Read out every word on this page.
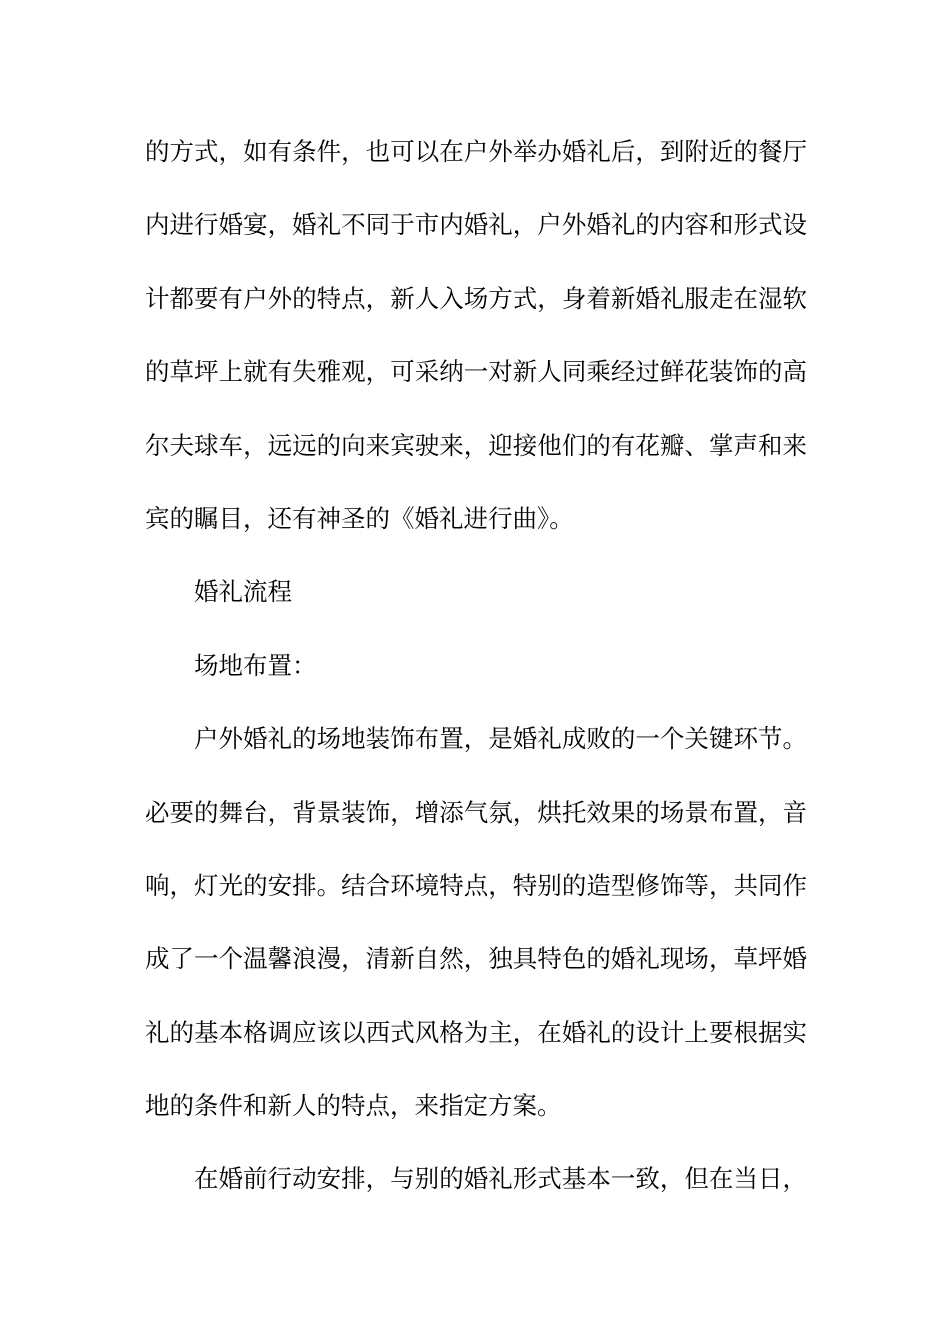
的方式，如有条件，也可以在户外举办婚礼后，到附近的餐厅
内进行婚宴，婚礼不同于市内婚礼，户外婚礼的内容和形式设
计都要有户外的特点，新人入场方式，身着新婚礼服走在湿软
的草坪上就有失雅观，可采纳一对新人同乘经过鲜花装饰的高
尔夫球车，远远的向来宾驶来，迎接他们的有花瓣、掌声和来
宾的瞩目，还有神圣的《婚礼进行曲》。
婚礼流程
场地布置：
户外婚礼的场地装饰布置，是婚礼成败的一个关键环节。
必要的舞台，背景装饰，增添气氛，烘托效果的场景布置，音
响，灯光的安排。结合环境特点，特别的造型修饰等，共同作
成了一个温馨浪漫，清新自然，独具特色的婚礼现场，草坪婚
礼的基本格调应该以西式风格为主，在婚礼的设计上要根据实
地的条件和新人的特点，来指定方案。
在婚前行动安排，与别的婚礼形式基本一致，但在当日，
